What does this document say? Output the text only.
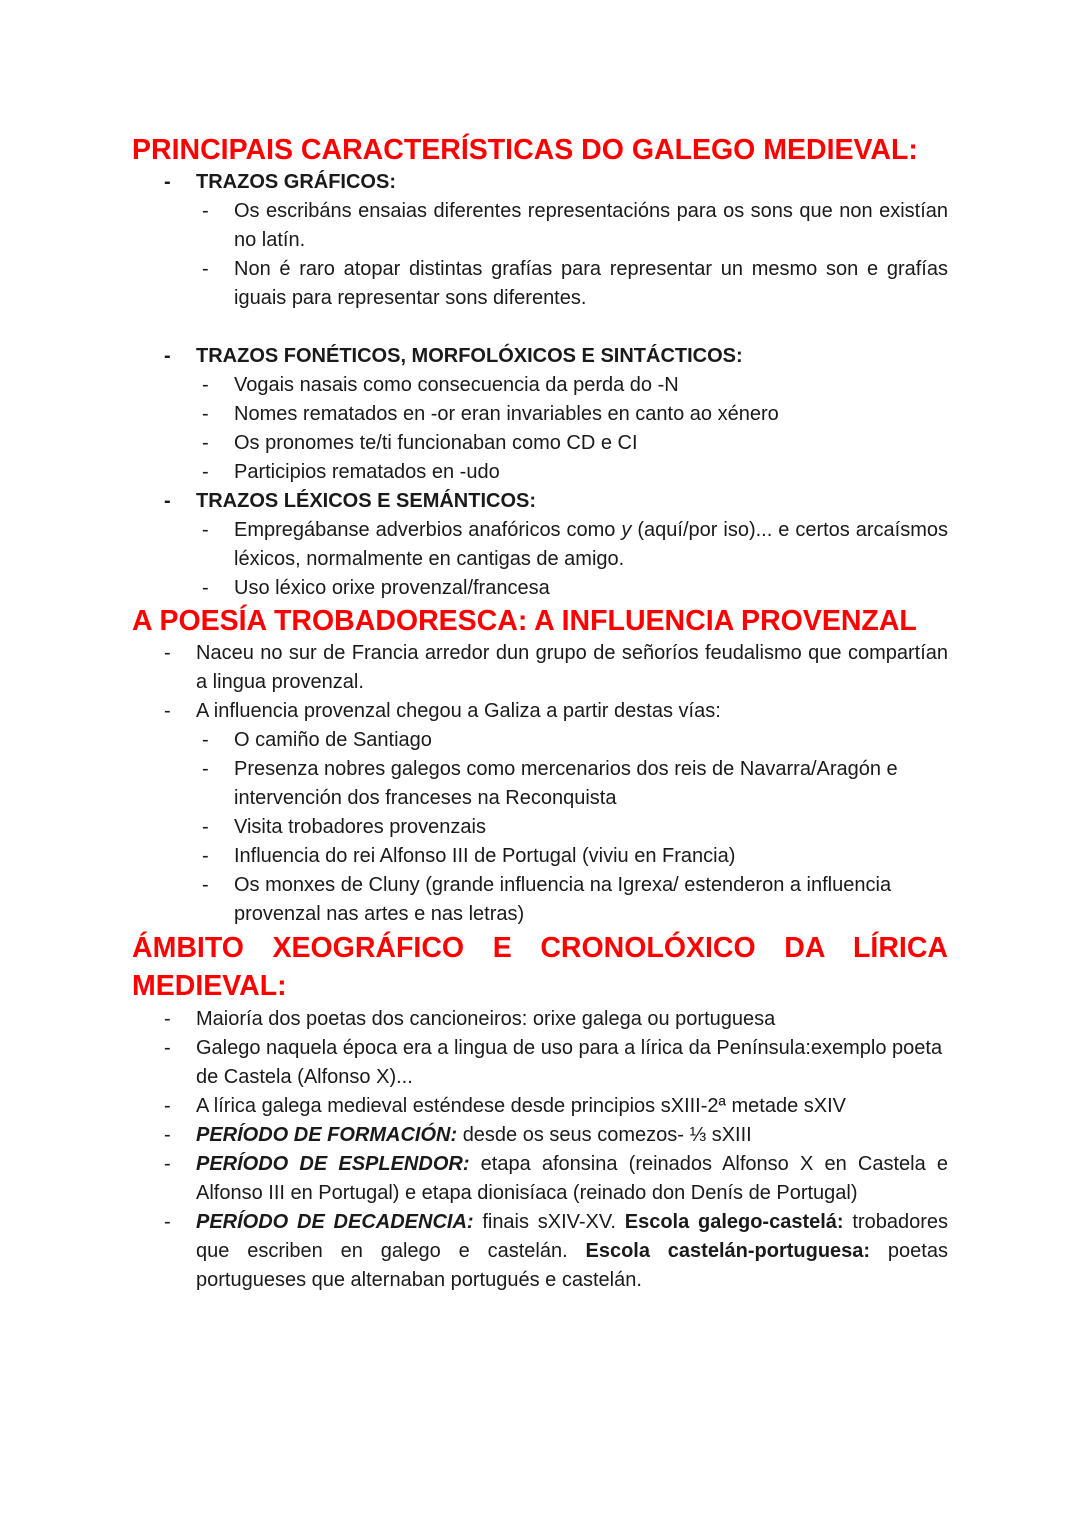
PRINCIPAIS CARACTERÍSTICAS DO GALEGO MEDIEVAL:
- TRAZOS GRÁFICOS:
- Os escribáns ensaias diferentes representacións para os sons que non existían no latín.
- Non é raro atopar distintas grafías para representar un mesmo son e grafías iguais para representar sons diferentes.
- TRAZOS FONÉTICOS, MORFOLÓXICOS E SINTÁCTICOS:
- Vogais nasais como consecuencia da perda do -N
- Nomes rematados en -or eran invariables en canto ao xénero
- Os pronomes te/ti funcionaban como CD e CI
- Participios rematados en -udo
- TRAZOS LÉXICOS E SEMÁNTICOS:
- Empregábanse adverbios anafóricos como y (aquí/por iso)... e certos arcaísmos léxicos, normalmente en cantigas de amigo.
- Uso léxico orixe provenzal/francesa
A POESÍA TROBADORESCA: A INFLUENCIA PROVENZAL
- Naceu no sur de Francia arredor dun grupo de señoríos feudalismo que compartían a lingua provenzal.
- A influencia provenzal chegou a Galiza a partir destas vías:
- O camiño de Santiago
- Presenza nobres galegos como mercenarios dos reis de Navarra/Aragón e intervención dos franceses na Reconquista
- Visita trobadores provenzais
- Influencia do rei Alfonso III de Portugal (viviu en Francia)
- Os monxes de Cluny (grande influencia na Igrexa/ estenderon a influencia provenzal nas artes e nas letras)
ÁMBITO XEOGRÁFICO E CRONOLÓXICO DA LÍRICA MEDIEVAL:
- Maioría dos poetas dos cancioneiros: orixe galega ou portuguesa
- Galego naquela época era a lingua de uso para a lírica da Península:exemplo poeta de Castela (Alfonso X)...
- A lírica galega medieval esténdese desde principios sXIII-2ª metade sXIV
- PERÍODO DE FORMACIÓN: desde os seus comezos- ⅓ sXIII
- PERÍODO DE ESPLENDOR: etapa afonsina (reinados Alfonso X en Castela e Alfonso III en Portugal) e etapa dionisíaca (reinado don Denís de Portugal)
- PERÍODO DE DECADENCIA: finais sXIV-XV. Escola galego-castelá: trobadores que escriben en galego e castelán. Escola castelán-portuguesa: poetas portugueses que alternaban portugués e castelán.
